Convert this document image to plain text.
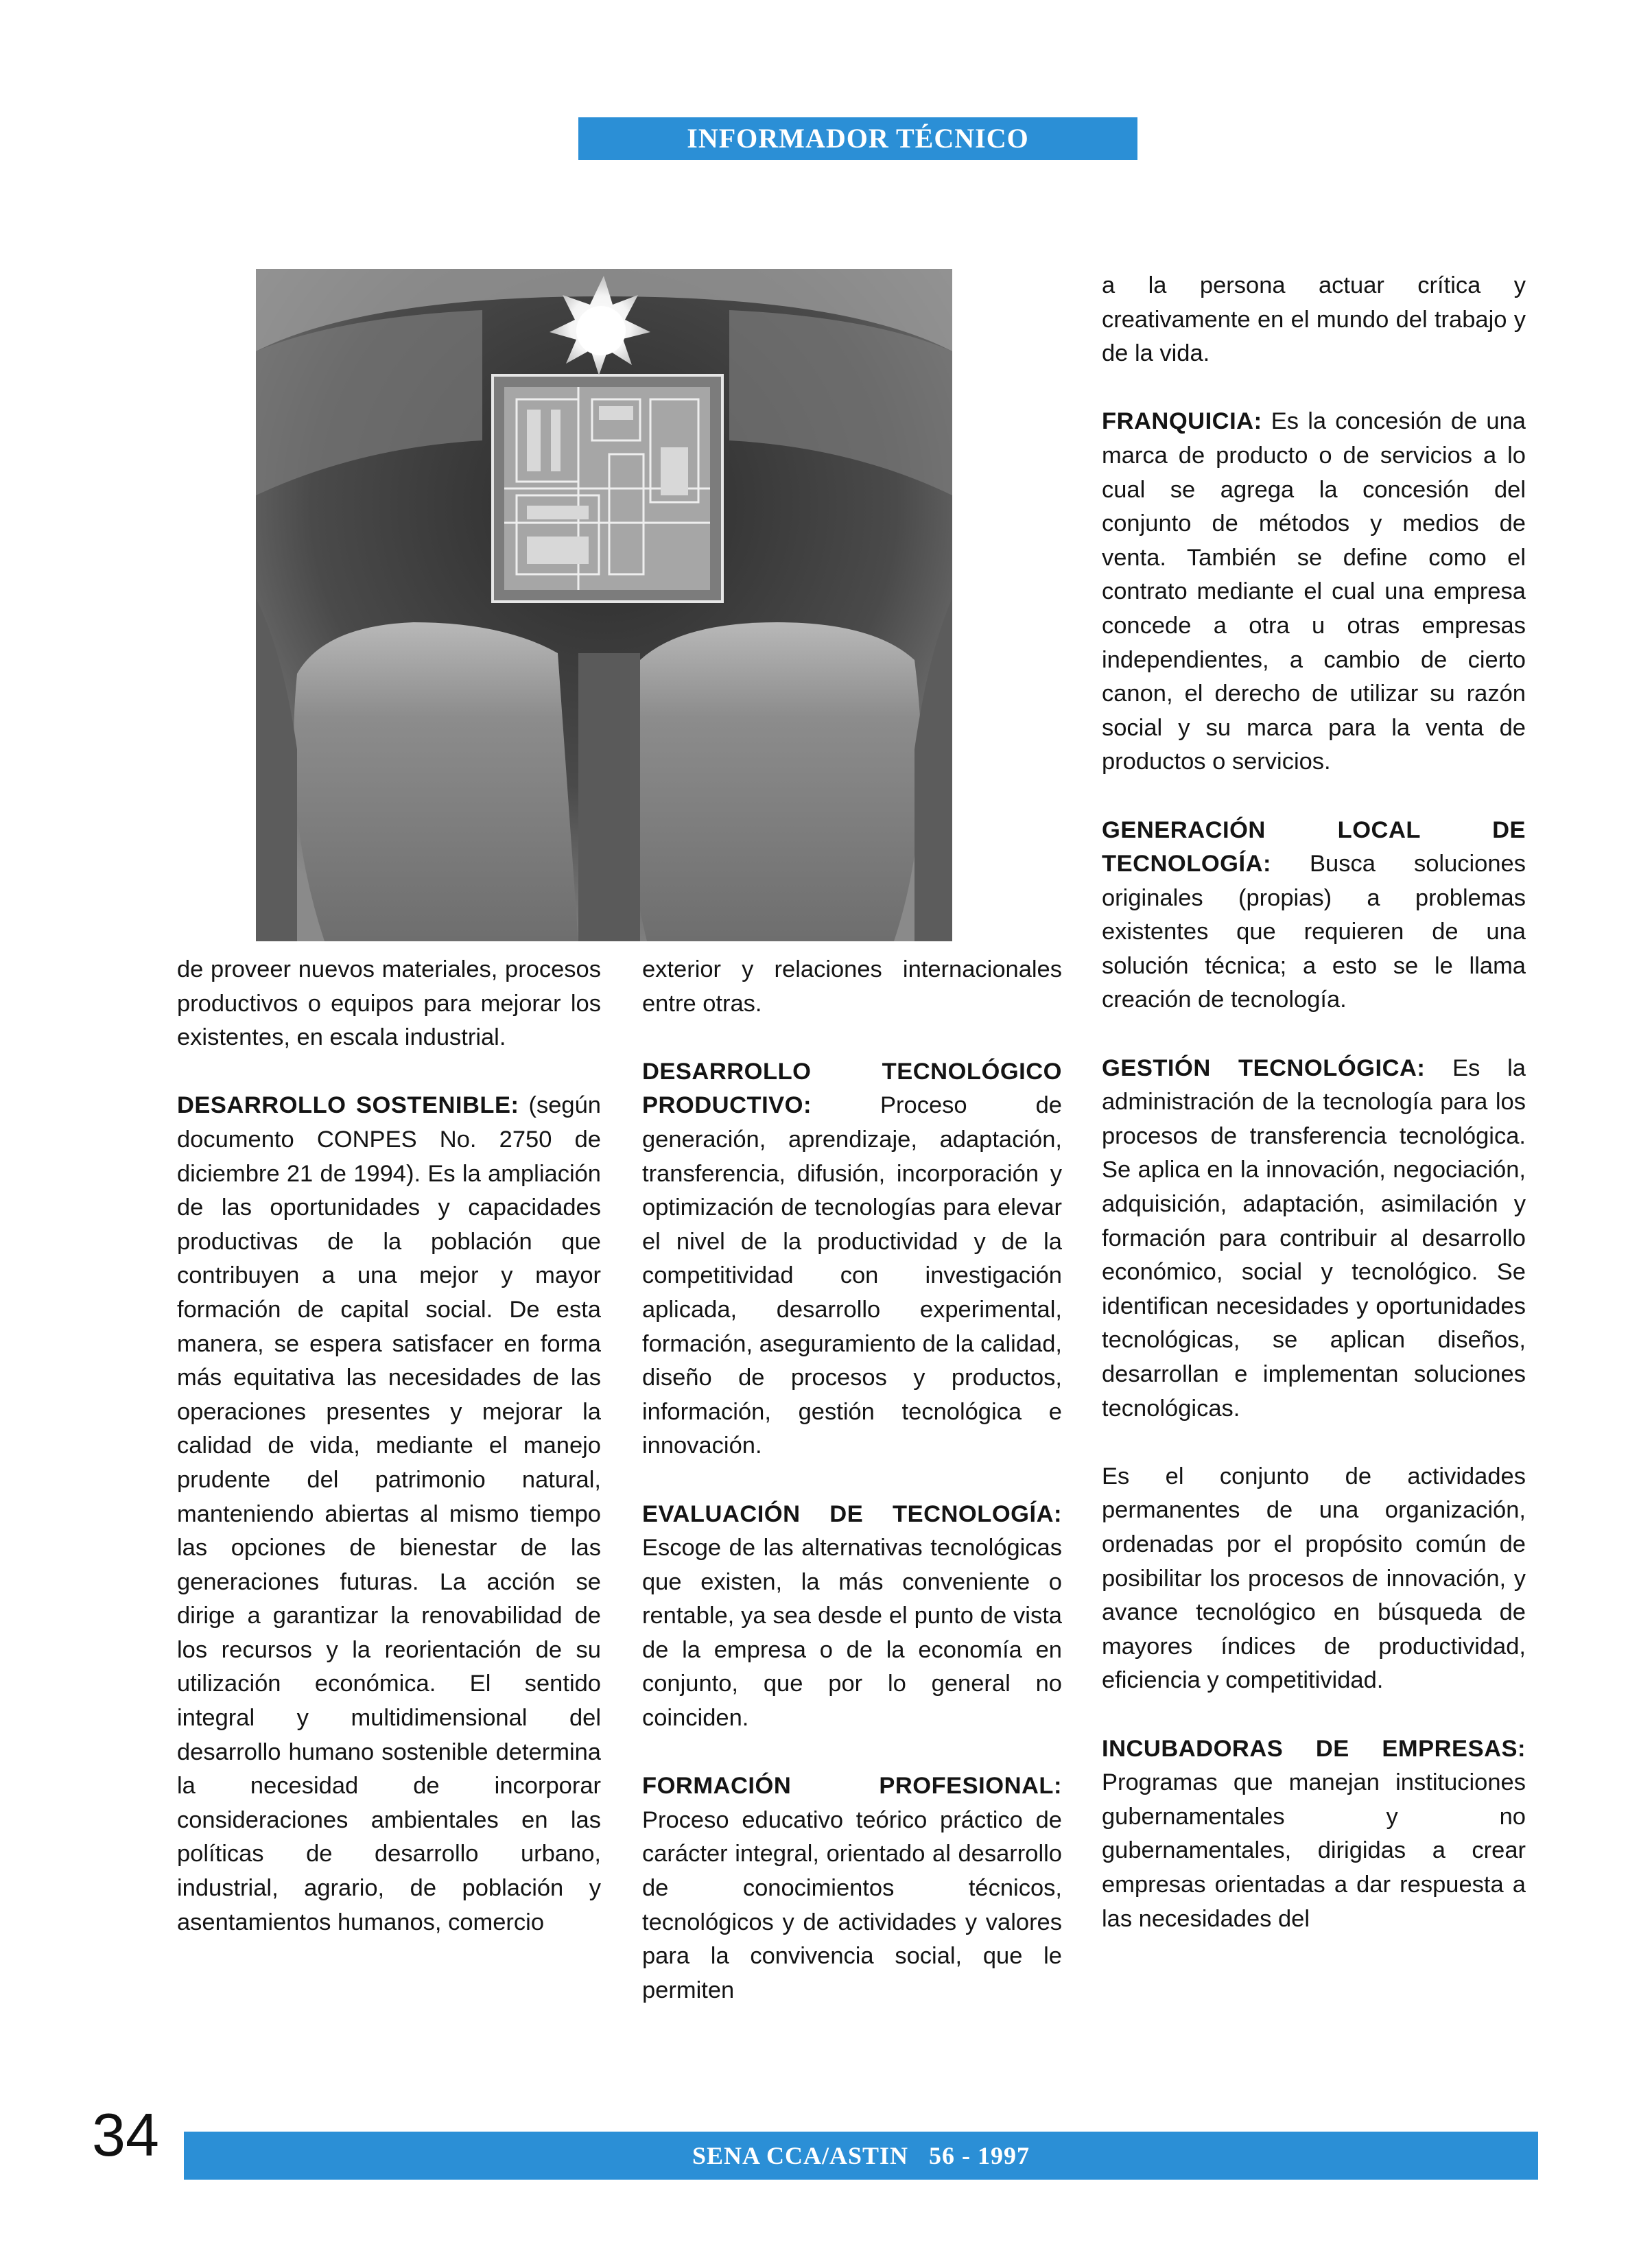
INFORMADOR TÉCNICO

de proveer nuevos materiales, procesos productivos o equipos para mejorar los existentes, en escala industrial.

DESARROLLO SOSTENIBLE: (según documento CONPES No. 2750 de diciembre 21 de 1994). Es la ampliación de las oportunidades y capacidades productivas de la población que contribuyen a una mejor y mayor formación de capital social. De esta manera, se espera satisfacer en forma más equitativa las necesidades de las operaciones presentes y mejorar la calidad de vida, mediante el manejo prudente del patrimonio natural, manteniendo abiertas al mismo tiempo las opciones de bienestar de las generaciones futuras. La acción se dirige a garantizar la renovabilidad de los recursos y la reorientación de su utilización económica. El sentido integral y multidimensional del desarrollo humano sostenible determina la necesidad de incorporar consideraciones ambientales en las políticas de desarrollo urbano, industrial, agrario, de población y asentamientos humanos, comercio

exterior y relaciones internacionales entre otras.

DESARROLLO TECNOLÓGICO PRODUCTIVO: Proceso de generación, aprendizaje, adaptación, transferencia, difusión, incorporación y optimización de tecnologías para elevar el nivel de la productividad y de la competitividad con investigación aplicada, desarrollo experimental, formación, aseguramiento de la calidad, diseño de procesos y productos, información, gestión tecnológica e innovación.

EVALUACIÓN DE TECNOLOGÍA: Escoge de las alternativas tecnológicas que existen, la más conveniente o rentable, ya sea desde el punto de vista de la empresa o de la economía en conjunto, que por lo general no coinciden.

FORMACIÓN PROFESIONAL: Proceso educativo teórico práctico de carácter integral, orientado al desarrollo de conocimientos técnicos, tecnológicos y de actividades y valores para la convivencia social, que le permiten

a la persona actuar crítica y creativamente en el mundo del trabajo y de la vida.

FRANQUICIA: Es la concesión de una marca de producto o de servicios a lo cual se agrega la concesión del conjunto de métodos y medios de venta. También se define como el contrato mediante el cual una empresa concede a otra u otras empresas independientes, a cambio de cierto canon, el derecho de utilizar su razón social y su marca para la venta de productos o servicios.

GENERACIÓN LOCAL DE TECNOLOGÍA: Busca soluciones originales (propias) a problemas existentes que requieren de una solución técnica; a esto se le llama creación de tecnología.

GESTIÓN TECNOLÓGICA: Es la administración de la tecnología para los procesos de transferencia tecnológica. Se aplica en la innovación, negociación, adquisición, adaptación, asimilación y formación para contribuir al desarrollo económico, social y tecnológico. Se identifican necesidades y oportunidades tecnológicas, se aplican diseños, desarrollan e implementan soluciones tecnológicas.

Es el conjunto de actividades permanentes de una organización, ordenadas por el propósito común de posibilitar los procesos de innovación, y avance tecnológico en búsqueda de mayores índices de productividad, eficiencia y competitividad.

INCUBADORAS DE EMPRESAS: Programas que manejan instituciones gubernamentales y no gubernamentales, dirigidas a crear empresas orientadas a dar respuesta a las necesidades del

34	SENA CCA/ASTIN   56 - 1997
